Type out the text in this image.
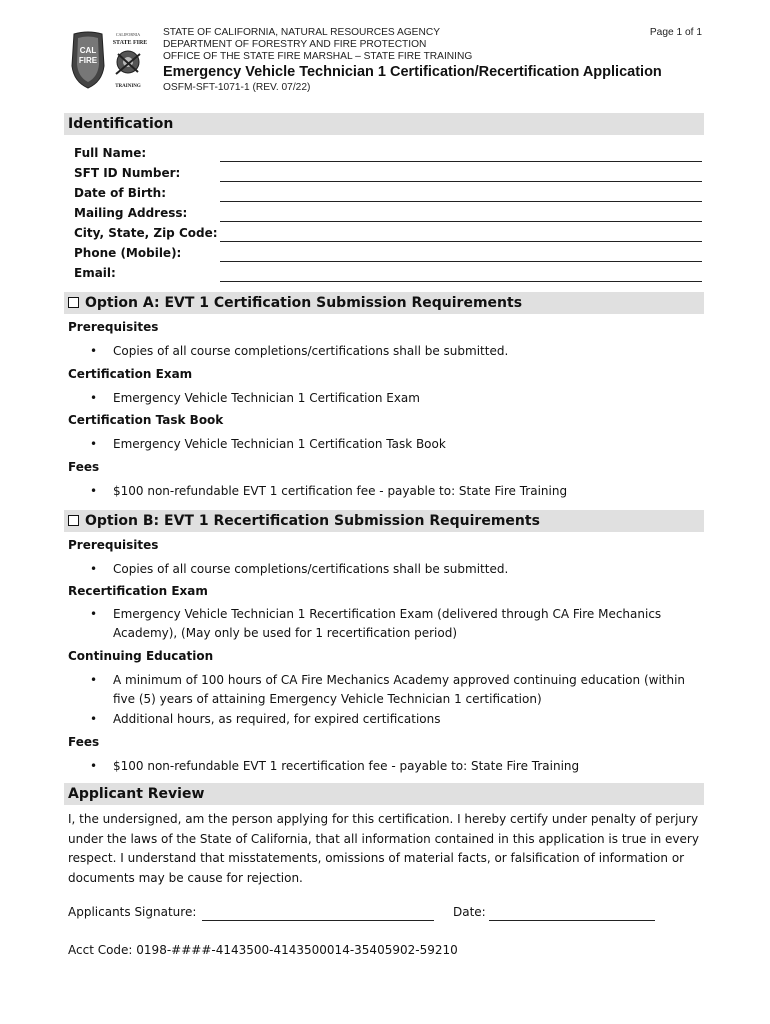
CAL
FIRE
CALIFORNIA
STATE FIRE
TRAINING
STATE OF CALIFORNIA, NATURAL RESOURCES AGENCY
DEPARTMENT OF FORESTRY AND FIRE PROTECTION
OFFICE OF THE STATE FIRE MARSHAL – STATE FIRE TRAINING
Page 1 of 1
Emergency Vehicle Technician 1 Certification/Recertification Application
OSFM-SFT-1071-1 (REV. 07/22)
Identification
Full Name:
SFT ID Number:
Date of Birth:
Mailing Address:
City, State, Zip Code:
Phone (Mobile):
Email:
Option A: EVT 1 Certification Submission Requirements
Prerequisites
• Copies of all course completions/certifications shall be submitted.
Certification Exam
• Emergency Vehicle Technician 1 Certification Exam
Certification Task Book
• Emergency Vehicle Technician 1 Certification Task Book
Fees
• $100 non-refundable EVT 1 certification fee - payable to: State Fire Training
Option B: EVT 1 Recertification Submission Requirements
Prerequisites
• Copies of all course completions/certifications shall be submitted.
Recertification Exam
• Emergency Vehicle Technician 1 Recertification Exam (delivered through CA Fire Mechanics Academy), (May only be used for 1 recertification period)
Continuing Education
• A minimum of 100 hours of CA Fire Mechanics Academy approved continuing education (within five (5) years of attaining Emergency Vehicle Technician 1 certification)
• Additional hours, as required, for expired certifications
Fees
• $100 non-refundable EVT 1 recertification fee - payable to: State Fire Training
Applicant Review
I, the undersigned, am the person applying for this certification. I hereby certify under penalty of perjury under the laws of the State of California, that all information contained in this application is true in every respect. I understand that misstatements, omissions of material facts, or falsification of information or documents may be cause for rejection.
Applicants Signature:	Date:
Acct Code: 0198-####-4143500-4143500014-35405902-59210
